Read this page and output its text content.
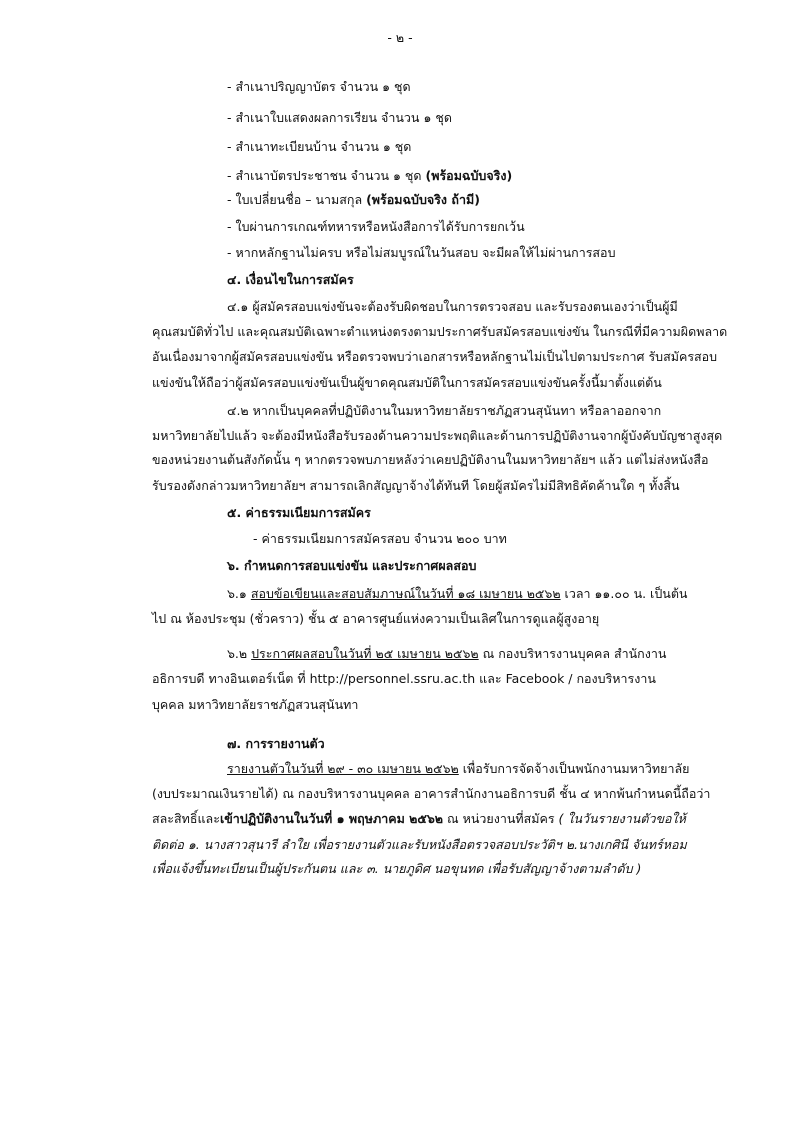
- ๒ -
- สำเนาปริญญาบัตร จำนวน ๑ ชุด
- สำเนาใบแสดงผลการเรียน จำนวน ๑ ชุด
- สำเนาทะเบียนบ้าน จำนวน ๑ ชุด
- สำเนาบัตรประชาชน จำนวน ๑ ชุด (พร้อมฉบับจริง)
- ใบเปลี่ยนชื่อ – นามสกุล (พร้อมฉบับจริง ถ้ามี)
- ใบผ่านการเกณฑ์ทหารหรือหนังสือการได้รับการยกเว้น
- หากหลักฐานไม่ครบ หรือไม่สมบูรณ์ในวันสอบ จะมีผลให้ไม่ผ่านการสอบ
๔. เงื่อนไขในการสมัคร
๔.๑ ผู้สมัครสอบแข่งขันจะต้องรับผิดชอบในการตรวจสอบ และรับรองตนเองว่าเป็นผู้มี
คุณสมบัติทั่วไป และคุณสมบัติเฉพาะตำแหน่งตรงตามประกาศรับสมัครสอบแข่งขัน ในกรณีที่มีความผิดพลาด
อันเนื่องมาจากผู้สมัครสอบแข่งขัน หรือตรวจพบว่าเอกสารหรือหลักฐานไม่เป็นไปตามประกาศ รับสมัครสอบ
แข่งขันให้ถือว่าผู้สมัครสอบแข่งขันเป็นผู้ขาดคุณสมบัติในการสมัครสอบแข่งขันครั้งนี้มาตั้งแต่ต้น
๔.๒ หากเป็นบุคคลที่ปฏิบัติงานในมหาวิทยาลัยราชภัฏสวนสุนันทา หรือลาออกจาก
มหาวิทยาลัยไปแล้ว จะต้องมีหนังสือรับรองด้านความประพฤติและด้านการปฏิบัติงานจากผู้บังคับบัญชาสูงสุด
ของหน่วยงานต้นสังกัดนั้น ๆ หากตรวจพบภายหลังว่าเคยปฏิบัติงานในมหาวิทยาลัยฯ แล้ว แต่ไม่ส่งหนังสือ
รับรองดังกล่าวมหาวิทยาลัยฯ สามารถเลิกสัญญาจ้างได้ทันที โดยผู้สมัครไม่มีสิทธิคัดค้านใด ๆ ทั้งสิ้น
๕. ค่าธรรมเนียมการสมัคร
- ค่าธรรมเนียมการสมัครสอบ จำนวน ๒๐๐ บาท
๖. กำหนดการสอบแข่งขัน และประกาศผลสอบ
๖.๑ สอบข้อเขียนและสอบสัมภาษณ์ในวันที่ ๑๘ เมษายน ๒๕๖๒ เวลา ๑๑.๐๐ น. เป็นต้น
ไป ณ ห้องประชุม (ชั่วคราว) ชั้น ๕ อาคารศูนย์แห่งความเป็นเลิศในการดูแลผู้สูงอายุ
๖.๒ ประกาศผลสอบในวันที่ ๒๕ เมษายน ๒๕๖๒ ณ กองบริหารงานบุคคล สำนักงาน
อธิการบดี ทางอินเตอร์เน็ต ที่ http://personnel.ssru.ac.th และ Facebook / กองบริหารงาน
บุคคล มหาวิทยาลัยราชภัฏสวนสุนันทา
๗. การรายงานตัว
รายงานตัวในวันที่ ๒๙ - ๓๐ เมษายน ๒๕๖๒ เพื่อรับการจัดจ้างเป็นพนักงานมหาวิทยาลัย
(งบประมาณเงินรายได้) ณ กองบริหารงานบุคคล อาคารสำนักงานอธิการบดี ชั้น ๔ หากพ้นกำหนดนี้ถือว่า
สละสิทธิ์และเข้าปฏิบัติงานในวันที่ ๑ พฤษภาคม ๒๕๖๒ ณ หน่วยงานที่สมัคร ( ในวันรายงานตัวขอให้
ติดต่อ ๑. นางสาวสุนารี ลำใย เพื่อรายงานตัวและรับหนังสือตรวจสอบประวัติฯ ๒.นางเกศินี จันทร์หอม
เพื่อแจ้งขึ้นทะเบียนเป็นผู้ประกันตน และ ๓. นายภูดิศ นอขุนทด เพื่อรับสัญญาจ้างตามลำดับ )
